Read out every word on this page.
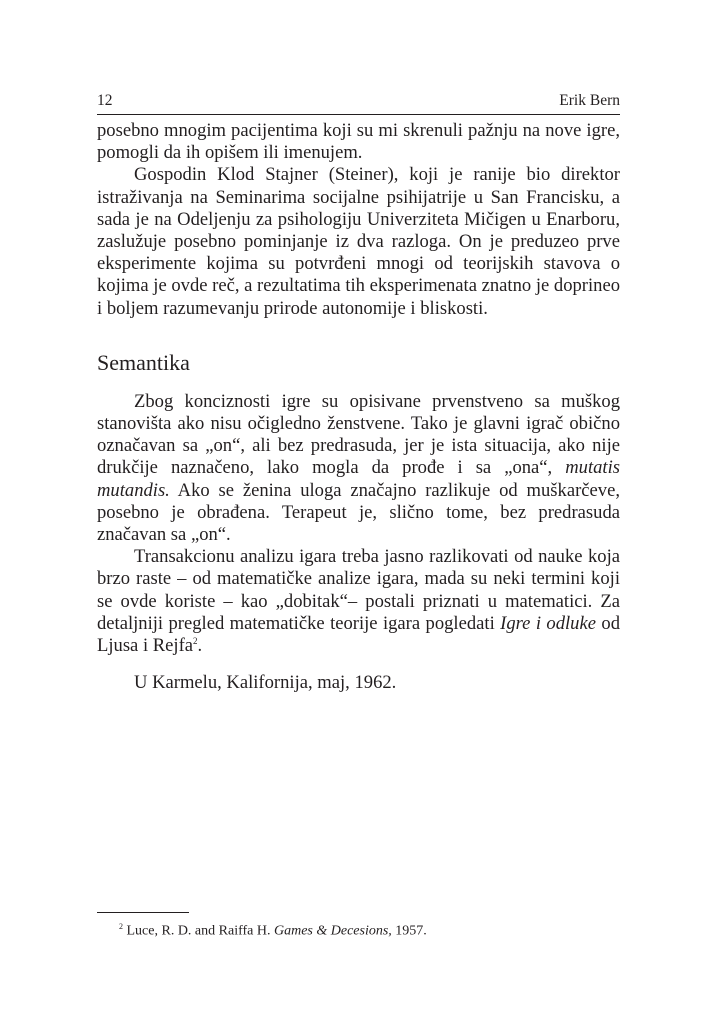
12	Erik Bern

posebno mnogim pacijentima koji su mi skrenuli pažnju na nove igre, pomogli da ih opišem ili imenujem.

Gospodin Klod Stajner (Steiner), koji je ranije bio direktor istraživanja na Seminarima socijalne psihijatrije u San Francisku, a sada je na Odeljenju za psihologiju Univerziteta Mičigen u Enarboru, zaslužuje posebno pominjanje iz dva razloga. On je preduzeo prve eksperimente kojima su potvrđeni mnogi od teorijskih stavova o kojima je ovde reč, a rezultatima tih eksperimenata znatno je doprineo i boljem razumevanju prirode autonomije i bliskosti.

Semantika

Zbog konciznosti igre su opisivane prvenstveno sa muškog stanovišta ako nisu očigledno ženstvene. Tako je glavni igrač obično označavan sa „on“, ali bez predrasuda, jer je ista situacija, ako nije drukčije naznačeno, lako mogla da prođe i sa „ona“, mutatis mutandis. Ako se ženina uloga značajno razlikuje od muškarčeve, posebno je obrađena. Terapeut je, slično tome, bez predrasuda značavan sa „on“.

Transakcionu analizu igara treba jasno razlikovati od nauke koja brzo raste – od matematičke analize igara, mada su neki termini koji se ovde koriste – kao „dobitak“– postali priznati u matematici. Za detaljniji pregled matematičke teorije igara pogledati Igre i odluke od Ljusa i Rejfa$^2$.

U Karmelu, Kalifornija, maj, 1962.

$^2$ Luce, R. D. and Raiffa H. Games & Decesions, 1957.
